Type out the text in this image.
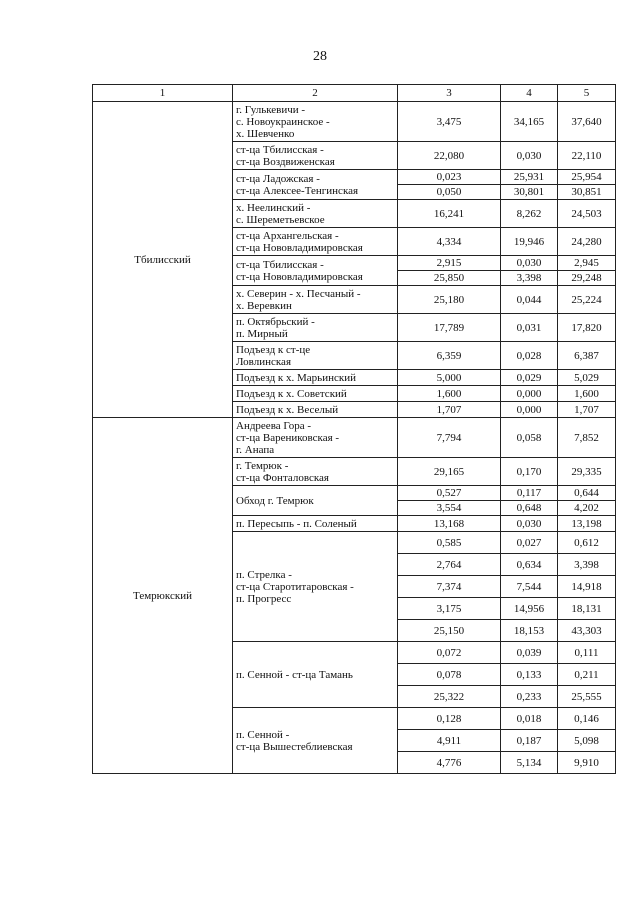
28
1	2	3	4	5
Тбилисский	г. Гулькевичи -
с. Новоукраинское -
х. Шевченко	3,475	34,165	37,640

	ст-ца Тбилисская -
ст-ца Воздвиженская	22,080	0,030	22,110

	ст-ца Ладожская -
ст-ца Алексее-Тенгинская	0,023	25,931	25,954
		0,050	30,801	30,851

	х. Неелинский -
с. Шереметьевское	16,241	8,262	24,503

	ст-ца Архангельская -
ст-ца Нововладимировская	4,334	19,946	24,280

	ст-ца Тбилисская -
ст-ца Нововладимировская	2,915	0,030	2,945
		25,850	3,398	29,248

	х. Северин - х. Песчаный -
х. Веревкин	25,180	0,044	25,224

	п. Октябрьский -
п. Мирный	17,789	0,031	17,820

	Подъезд к ст-це
Ловлинская	6,359	0,028	6,387

	Подъезд к х. Марьинский	5,000	0,029	5,029

	Подъезд к х. Советский	1,600	0,000	1,600

	Подъезд к х. Веселый	1,707	0,000	1,707
Темрюкский	Андреева Гора -
ст-ца Варениковская -
г. Анапа	7,794	0,058	7,852

	г. Темрюк -
ст-ца Фонталовская	29,165	0,170	29,335

	Обход г. Темрюк	0,527	0,117	0,644
		3,554	0,648	4,202

	п. Пересыпь - п. Соленый	13,168	0,030	13,198

	п. Стрелка -
ст-ца Старотитаровская -
п. Прогресс	0,585	0,027	0,612
		2,764	0,634	3,398
		7,374	7,544	14,918
		3,175	14,956	18,131
		25,150	18,153	43,303

	п. Сенной - ст-ца Тамань	0,072	0,039	0,111
		0,078	0,133	0,211
		25,322	0,233	25,555

	п. Сенной -
ст-ца Вышестеблиевская	0,128	0,018	0,146
		4,911	0,187	5,098
		4,776	5,134	9,910
